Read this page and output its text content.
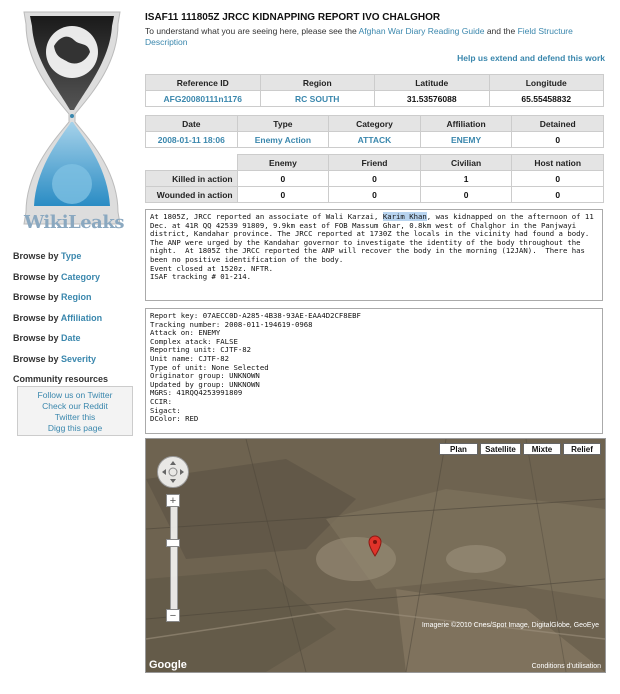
WikiLeaks
Browse by Type
Browse by Category
Browse by Region
Browse by Affiliation
Browse by Date
Browse by Severity
Community resources
Follow us on Twitter
Check our Reddit
Twitter this
Digg this page
ISAF11 111805Z JRCC KIDNAPPING REPORT IVO CHALGHOR
To understand what you are seeing here, please see the Afghan War Diary Reading Guide and the Field Structure Description
Help us extend and defend this work
Reference ID	Region	Latitude	Longitude
AFG20080111n1176	RC SOUTH	31.53576088	65.55458832
Date	Type	Category	Affiliation	Detained
2008-01-11 18:06	Enemy Action	ATTACK	ENEMY	0
	Enemy	Friend	Civilian	Host nation
Killed in action	0	0	1	0
Wounded in action	0	0	0	0
At 1805Z, JRCC reported an associate of Wali Karzai, Karim Khan, was kidnapped on the afternoon of 11 Dec. at 41R QQ 42539 91809, 9.9km east of FOB Massum Ghar, 0.8km west of Chalghor in the Panjwayi district, Kandahar province. The JRCC reported at 1730Z the locals in the vicinity had found a body.  The ANP were urged by the Kandahar governor to investigate the identity of the body throughout the night.  At 1805Z the JRCC reported the ANP will recover the body in the morning (12JAN).  There has been no positive identification of the body.
Event closed at 1520z. NFTR.
ISAF tracking # 01-214.
Report key: 07AECC0D-A285-4B38-93AE-EAA4D2CF8EBF
Tracking number: 2008-011-194619-0968
Attack on: ENEMY
Complex atack: FALSE
Reporting unit: CJTF-82
Unit name: CJTF-82
Type of unit: None Selected
Originator group: UNKNOWN
Updated by group: UNKNOWN
MGRS: 41RQQ4253991809
CCIR:
Sigact:
DColor: RED
Plan	Satellite	Mixte	Relief
+
−
Imagerie ©2010 Cnes/Spot Image, DigitalGlobe, GeoEye
Conditions d'utilisation
Google
